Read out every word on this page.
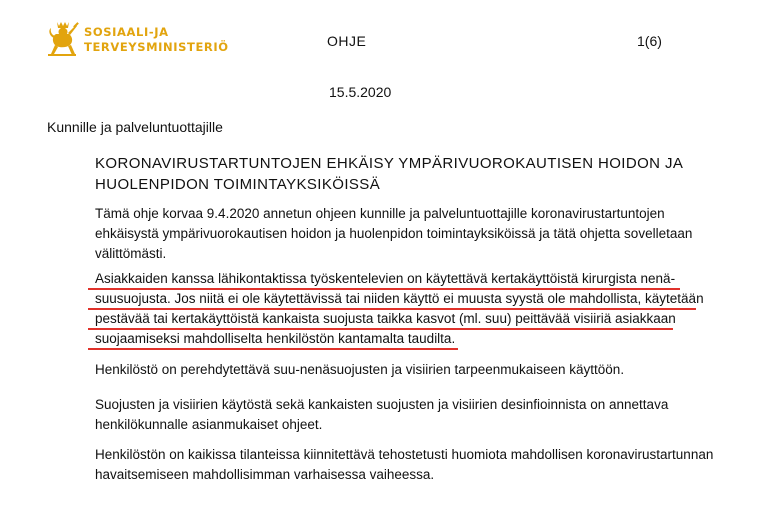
SOSIAALI-JA
TERVEYSMINISTERIÖ	OHJE	1(6)
15.5.2020
Kunnille ja palveluntuottajille
KORONAVIRUSTARTUNTOJEN EHKÄISY YMPÄRIVUOROKAUTISEN HOIDON JA
HUOLENPIDON TOIMINTAYKSIKÖISSÄ

Tämä ohje korvaa 9.4.2020 annetun ohjeen kunnille ja palveluntuottajille koronavirustartuntojen ehkäisystä ympärivuorokautisen hoidon ja huolenpidon toimintayksiköissä ja tätä ohjetta sovelletaan välittömästi.

Asiakkaiden kanssa lähikontaktissa työskentelevien on käytettävä kertakäyttöistä kirurgista nenä-
suusuojusta. Jos niitä ei ole käytettävissä tai niiden käyttö ei muusta syystä ole mahdollista, käytetään
pestävää tai kertakäyttöistä kankaista suojusta taikka kasvot (ml. suu) peittävää visiiriä asiakkaan
suojaamiseksi mahdolliselta henkilöstön kantamalta taudilta.

Henkilöstö on perehdytettävä suu-nenäsuojusten ja visiirien tarpeenmukaiseen käyttöön.

Suojusten ja visiirien käytöstä sekä kankaisten suojusten ja visiirien desinfioinnista on annettava henkilökunnalle asianmukaiset ohjeet.

Henkilöstön on kaikissa tilanteissa kiinnitettävä tehostetusti huomiota mahdollisen koronavirustartunnan havaitsemiseen mahdollisimman varhaisessa vaiheessa.
